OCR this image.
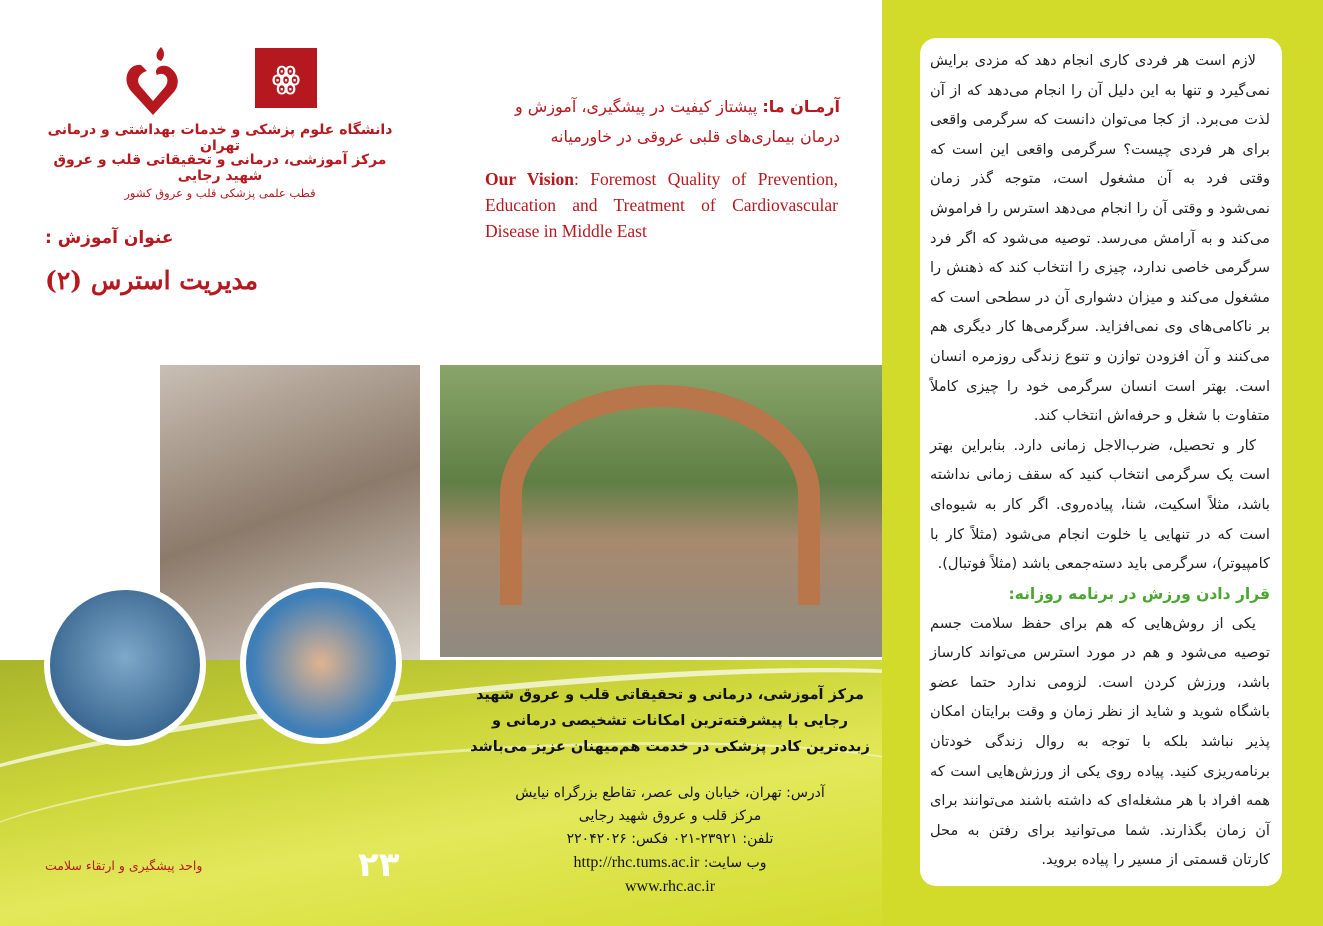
ꙮ
دانشگاه علوم پزشکی و خدمات بهداشتی و درمانی تهران
مرکز آموزشی، درمانی و تحقیقاتی قلب و عروق شهید رجایی
قطب علمی پزشکی قلب و عروق کشور
عنوان آموزش :
مدیریت استرس (۲)
آرمـان ما: پیشتاز کیفیت در پیشگیری، آموزش و درمان بیماری‌های قلبی عروقی در خاورمیانه
Our Vision: Foremost Quality of Prevention, Education and Treatment of Cardiovascular Disease in Middle East
مرکز آموزشی، درمانی و تحقیقاتی قلب و عروق شهید رجایی با پیشرفته‌ترین امکانات تشخیصی درمانی و زبده‌ترین کادر پزشکی در خدمت هم‌میهنان عزیز می‌باشد
آدرس: تهران، خیابان ولی عصر، تقاطع بزرگراه نیایش
مرکز قلب و عروق شهید رجایی
تلفن: ۲۳۹۲۱-۰۲۱ فکس: ۲۲۰۴۲۰۲۶
وب سایت: http://rhc.tums.ac.ir
www.rhc.ac.ir
۲۳
واحد پیشگیری و ارتقاء سلامت

لازم است هر فردی کاری انجام دهد که مزدی برایش نمی‌گیرد و تنها به این دلیل آن را انجام می‌دهد که از آن لذت می‌برد. از کجا می‌توان دانست که سرگرمی واقعی برای هر فردی چیست؟ سرگرمی واقعی این است که وقتی فرد به آن مشغول است، متوجه گذر زمان نمی‌شود و وقتی آن را انجام می‌دهد استرس را فراموش می‌کند و به آرامش می‌رسد. توصیه می‌شود که اگر فرد سرگرمی خاصی ندارد، چیزی را انتخاب کند که ذهنش را مشغول می‌کند و میزان دشواری آن در سطحی است که بر ناکامی‌های وی نمی‌افزاید. سرگرمی‌ها کار دیگری هم می‌کنند و آن افزودن توازن و تنوع زندگی روزمره انسان است. بهتر است انسان سرگرمی خود را چیزی کاملاً متفاوت با شغل و حرفه‌اش انتخاب کند.

کار و تحصیل، ضرب‌الاجل زمانی دارد. بنابراین بهتر است یک سرگرمی انتخاب کنید که سقف زمانی نداشته باشد، مثلاً اسکیت، شنا، پیاده‌روی. اگر کار به شیوه‌ای است که در تنهایی یا خلوت انجام می‌شود (مثلاً کار با کامپیوتر)، سرگرمی باید دسته‌جمعی باشد (مثلاً فوتبال).

قرار دادن ورزش در برنامه روزانه:

یکی از روش‌هایی که هم برای حفظ سلامت جسم توصیه می‌شود و هم در مورد استرس می‌تواند کارساز باشد، ورزش کردن است. لزومی ندارد حتما عضو باشگاه شوید و شاید از نظر زمان و وقت برایتان امکان پذیر نباشد بلکه با توجه به روال زندگی خودتان برنامه‌ریزی کنید. پیاده روی یکی از ورزش‌هایی است که همه افراد با هر مشغله‌ای که داشته باشند می‌توانند برای آن زمان بگذارند. شما می‌توانید برای رفتن به محل کارتان قسمتی از مسیر را پیاده بروید.
